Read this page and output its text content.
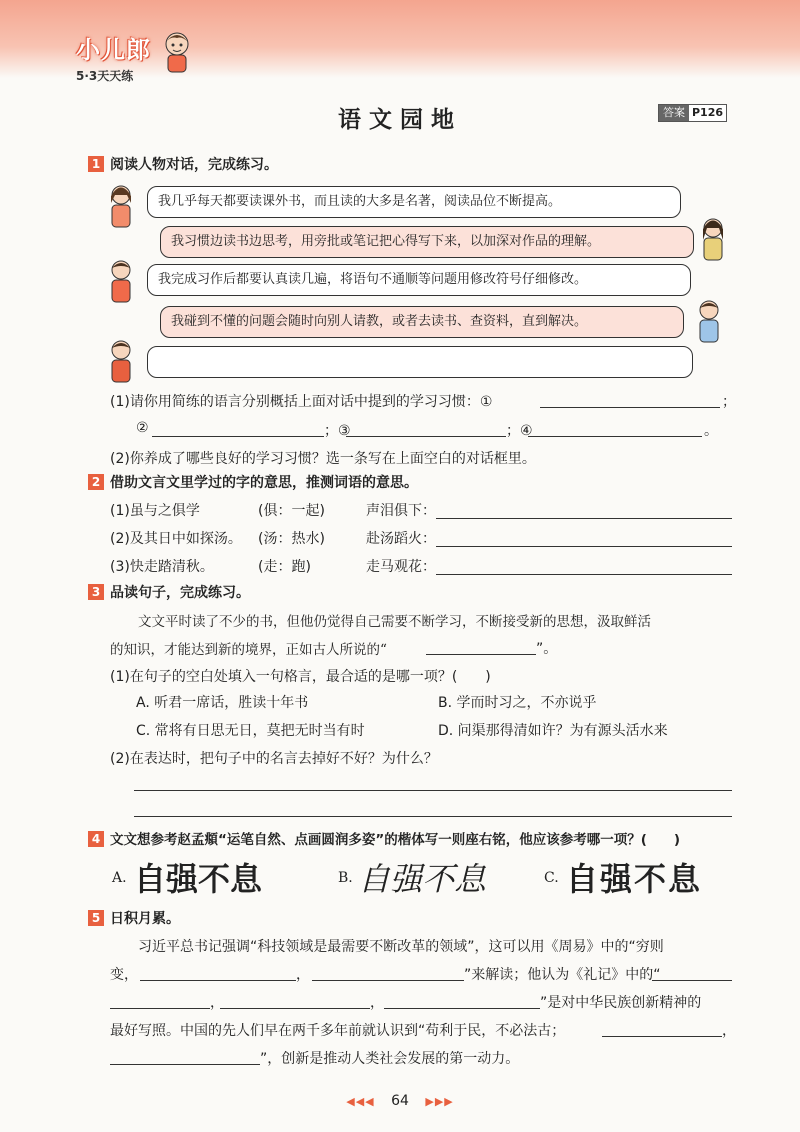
小儿郎
5·3天天练
语文园地	答案 P126
1 阅读人物对话，完成练习。
我几乎每天都要读课外书，而且读的大多是名著，阅读品位不断提高。
我习惯边读书边思考，用旁批或笔记把心得写下来，以加深对作品的理解。
我完成习作后都要认真读几遍，将语句不通顺等问题用修改符号仔细修改。
我碰到不懂的问题会随时向别人请教，或者去读书、查资料，直到解决。
(1)请你用简练的语言分别概括上面对话中提到的学习习惯：①	；
②	；③	；④	。
(2)你养成了哪些良好的学习习惯？选一条写在上面空白的对话框里。
2 借助文言文里学过的字的意思，推测词语的意思。
(1)虽与之俱学	(俱：一起)	声泪俱下：
(2)及其日中如探汤。 (汤：热水)	赴汤蹈火：
(3)快走踏清秋。	(走：跑)	走马观花：
3 品读句子，完成练习。
文文平时读了不少的书，但他仍觉得自己需要不断学习，不断接受新的思想，汲取鲜活
的知识，才能达到新的境界，正如古人所说的“	”。
(1)在句子的空白处填入一句格言，最合适的是哪一项？(　　)
A. 听君一席话，胜读十年书	B. 学而时习之，不亦说乎
C. 常将有日思无日，莫把无时当有时	D. 问渠那得清如许？为有源头活水来
(2)在表达时，把句子中的名言去掉好不好？为什么？
4 文文想参考赵孟頫“运笔自然、点画圆润多姿”的楷体写一则座右铭，他应该参考哪一项？(　　)
A. 自强不息	B. 自强不息	C. 自强不息
5 日积月累。
习近平总书记强调“科技领域是最需要不断改革的领域”，这可以用《周易》中的“穷则
变，	，	”来解读；他认为《礼记》中的“
，	，	”是对中华民族创新精神的
最好写照。中国的先人们早在两千多年前就认识到“苟利于民，不必法古；	，
”，创新是推动人类社会发展的第一动力。
◀◀◀ 64 ▶▶▶
